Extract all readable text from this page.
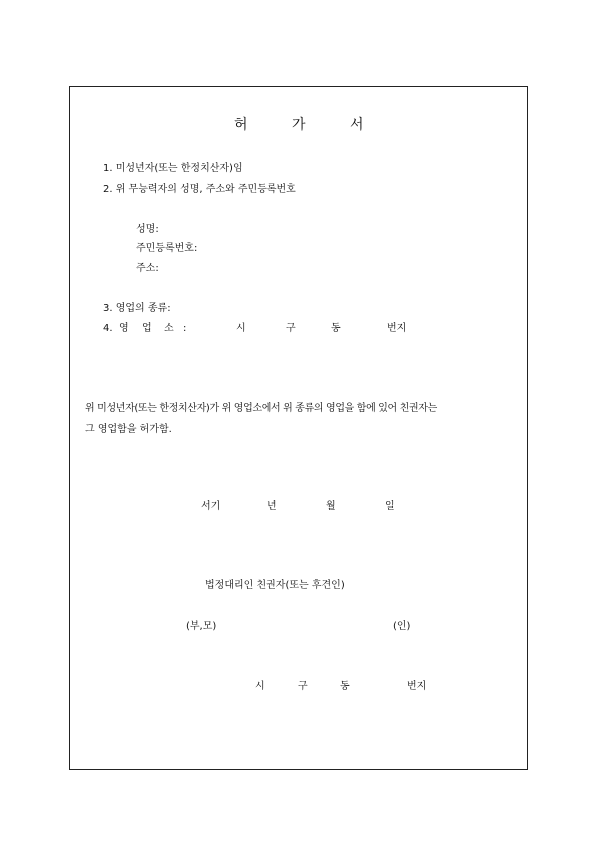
허	가	서
1. 미성년자(또는 한정치산자)임
2. 위 무능력자의 성명, 주소와 주민등록번호
성명:
주민등록번호:
주소:
3. 영업의 종류:
4. 영 업 소 :	시	구	동	번지
위 미성년자(또는 한정치산자)가 위 영업소에서 위 종류의 영업을 함에 있어 친권자는
그 영업함을 허가함.
서기	년	월	일
법정대리인 친권자(또는 후견인)
(부,모)	(인)
시	구	동	번지
